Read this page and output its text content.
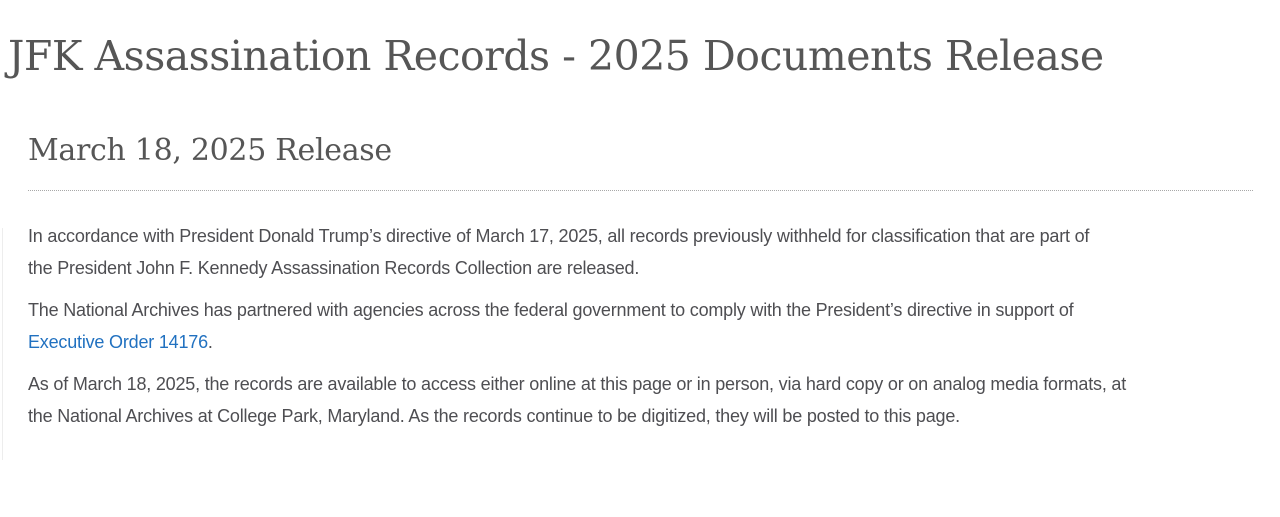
JFK Assassination Records - 2025 Documents Release
March 18, 2025 Release

In accordance with President Donald Trump’s directive of March 17, 2025, all records previously withheld for classification that are part of
the President John F. Kennedy Assassination Records Collection are released.

The National Archives has partnered with agencies across the federal government to comply with the President’s directive in support of
Executive Order 14176.

As of March 18, 2025, the records are available to access either online at this page or in person, via hard copy or on analog media formats, at
the National Archives at College Park, Maryland. As the records continue to be digitized, they will be posted to this page.
